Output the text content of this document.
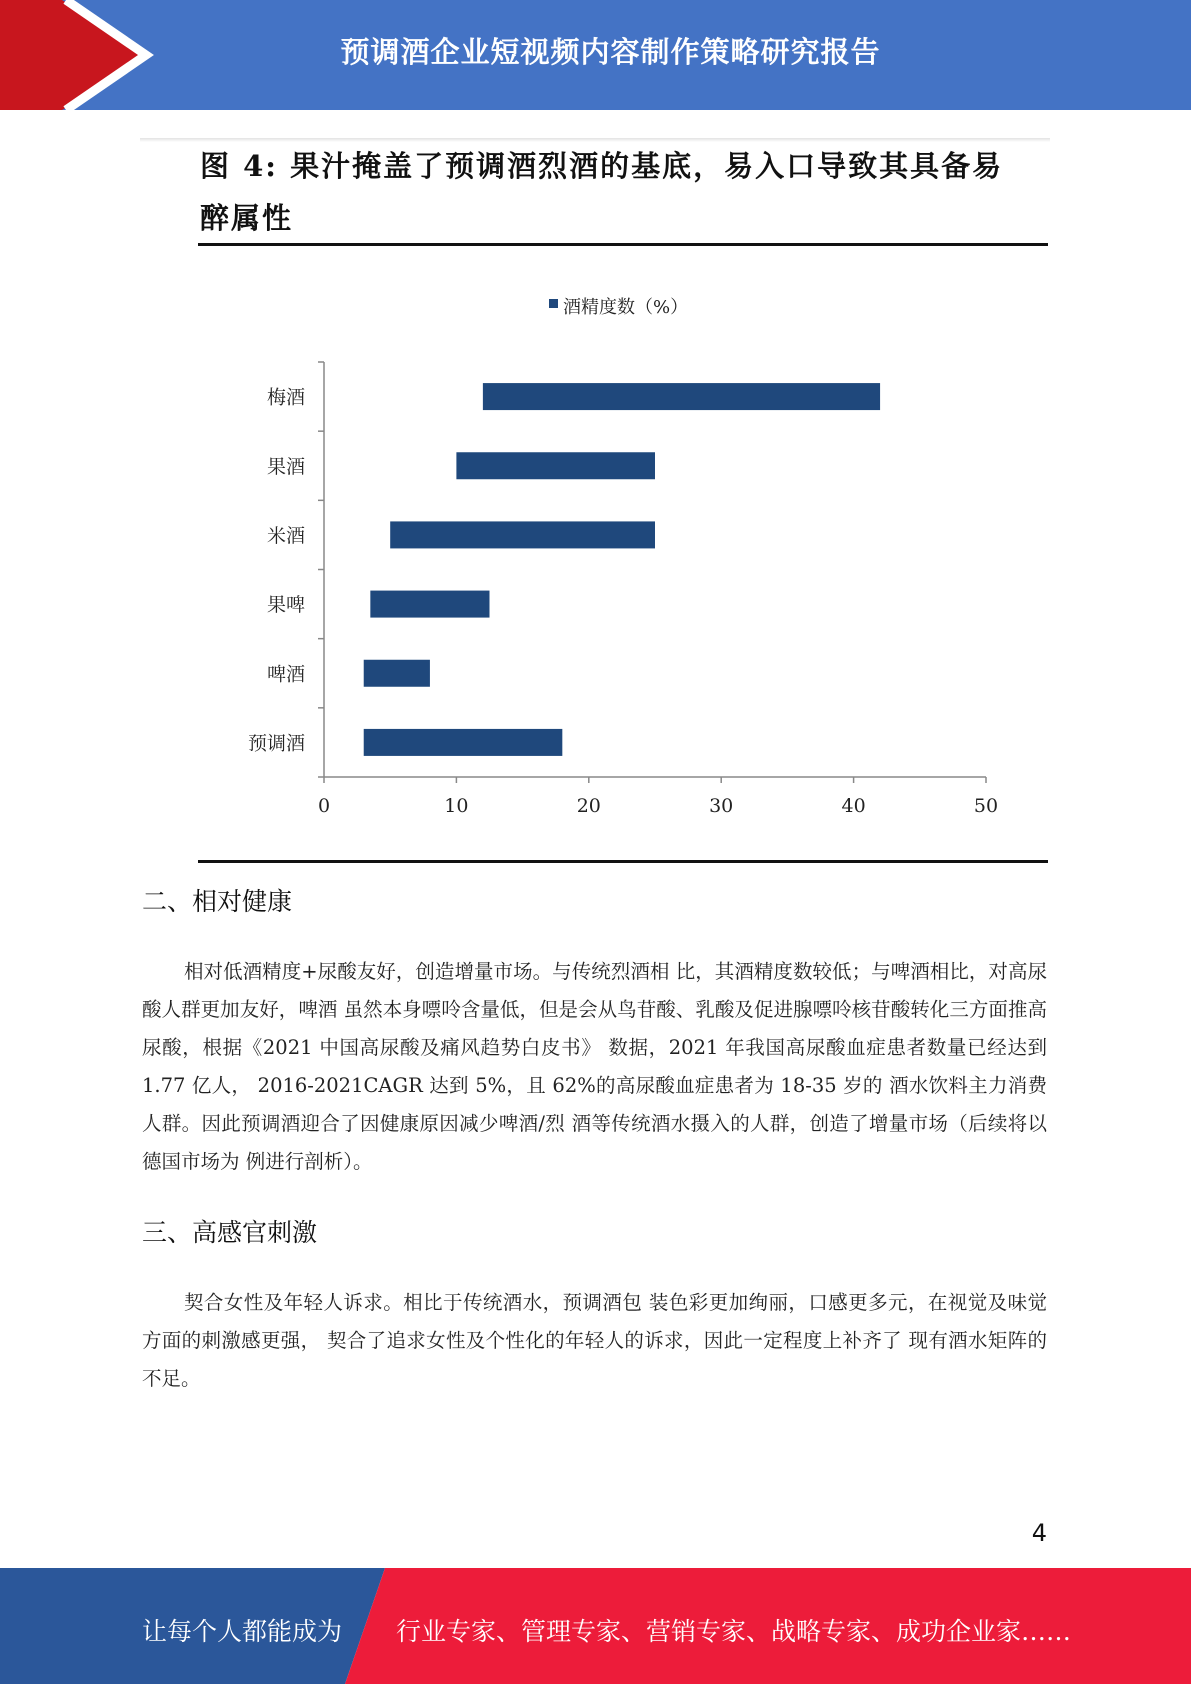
预调酒企业短视频内容制作策略研究报告
图 4: 果汁掩盖了预调酒烈酒的基底，易入口导致其具备易
醉属性
酒精度数（%）
梅酒
果酒
米酒
果啤
啤酒
预调酒
0	10	20	30	40	50
二、相对健康
相对低酒精度+尿酸友好，创造增量市场。与传统烈酒相 比，其酒精度数较低；与啤酒相比，对高尿酸人群更加友好，啤酒 虽然本身嘌呤含量低，但是会从鸟苷酸、乳酸及促进腺嘌呤核苷酸转化三方面推高尿酸，根据《2021 中国高尿酸及痛风趋势白皮书》 数据，2021 年我国高尿酸血症患者数量已经达到 1.77 亿人， 2016-2021CAGR 达到 5%，且 62%的高尿酸血症患者为 18-35 岁的 酒水饮料主力消费人群。因此预调酒迎合了因健康原因减少啤酒/烈 酒等传统酒水摄入的人群，创造了增量市场（后续将以德国市场为 例进行剖析）。
三、高感官刺激
契合女性及年轻人诉求。相比于传统酒水，预调酒包 装色彩更加绚丽，口感更多元，在视觉及味觉方面的刺激感更强， 契合了追求女性及个性化的年轻人的诉求，因此一定程度上补齐了 现有酒水矩阵的不足。
4
让每个人都能成为 行业专家、管理专家、营销专家、战略专家、成功企业家……
